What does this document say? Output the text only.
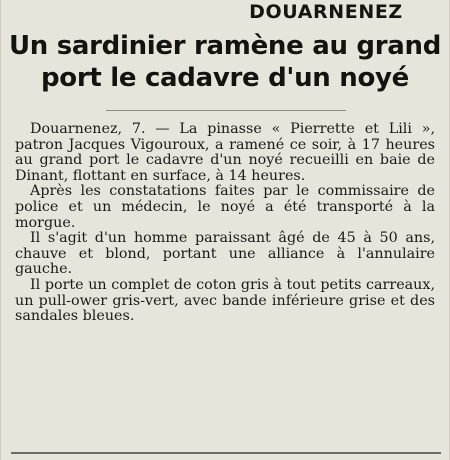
DOUARNENEZ
Un sardinier ramène au grand
port le cadavre d'un noyé

Douarnenez, 7. — La pinasse « Pierrette et Lili », patron Jacques Vigouroux, a ramené ce soir, à 17 heures au grand port le cadavre d'un noyé recueilli en baie de Dinant, flottant en surface, à 14 heures.

Après les constatations faites par le commissaire de police et un médecin, le noyé a été transporté à la morgue.

Il s'agit d'un homme paraissant âgé de 45 à 50 ans, chauve et blond, portant une alliance à l'annulaire gauche.

Il porte un complet de coton gris à tout petits carreaux, un pull-ower gris-vert, avec bande inférieure grise et des sandales bleues.
